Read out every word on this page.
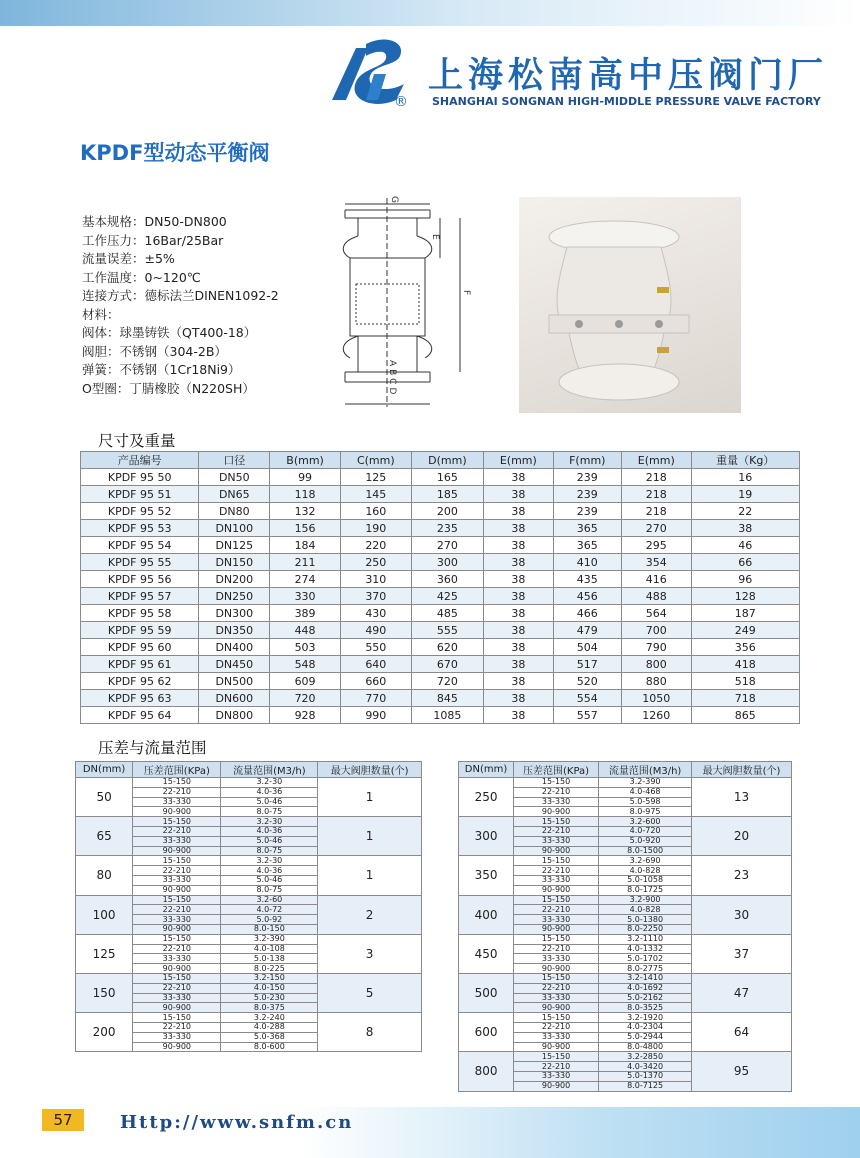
®
上海松南高中压阀门厂
SHANGHAI SONGNAN HIGH-MIDDLE PRESSURE VALVE FACTORY
KPDF型动态平衡阀
基本规格：DN50-DN800
工作压力：16Bar/25Bar
流量误差：±5%
工作温度：0~120℃
连接方式：德标法兰DINEN1092-2
材料：
阀体：球墨铸铁（QT400-18）
阀胆：不锈钢（304-2B）
弹簧：不锈钢（1Cr18Ni9）
O型圈：丁腈橡胶（N220SH）
E
F
G
ABCD
尺寸及重量
产品编号	口径	B(mm)	C(mm)	D(mm)	E(mm)	F(mm)	E(mm)	重量（Kg）
KPDF 95 50	DN50	99	125	165	38	239	218	16
KPDF 95 51	DN65	118	145	185	38	239	218	19
KPDF 95 52	DN80	132	160	200	38	239	218	22
KPDF 95 53	DN100	156	190	235	38	365	270	38
KPDF 95 54	DN125	184	220	270	38	365	295	46
KPDF 95 55	DN150	211	250	300	38	410	354	66
KPDF 95 56	DN200	274	310	360	38	435	416	96
KPDF 95 57	DN250	330	370	425	38	456	488	128
KPDF 95 58	DN300	389	430	485	38	466	564	187
KPDF 95 59	DN350	448	490	555	38	479	700	249
KPDF 95 60	DN400	503	550	620	38	504	790	356
KPDF 95 61	DN450	548	640	670	38	517	800	418
KPDF 95 62	DN500	609	660	720	38	520	880	518
KPDF 95 63	DN600	720	770	845	38	554	1050	718
KPDF 95 64	DN800	928	990	1085	38	557	1260	865
压差与流量范围
DN(mm)	压差范围(KPa)	流量范围(M3/h)	最大阀胆数量(个)
50	15-150	3.2-30	1
	22-210	4.0-36	
	33-330	5.0-46	
	90-900	8.0-75	
65	15-150	3.2-30	1
	22-210	4.0-36	
	33-330	5.0-46	
	90-900	8.0-75	
80	15-150	3.2-30	1
	22-210	4.0-36	
	33-330	5.0-46	
	90-900	8.0-75	
100	15-150	3.2-60	2
	22-210	4.0-72	
	33-330	5.0-92	
	90-900	8.0-150	
125	15-150	3.2-390	3
	22-210	4.0-108	
	33-330	5.0-138	
	90-900	8.0-225	
150	15-150	3.2-150	5
	22-210	4.0-150	
	33-330	5.0-230	
	90-900	8.0-375	
200	15-150	3.2-240	8
	22-210	4.0-288	
	33-330	5.0-368	
	90-900	8.0-600	
DN(mm)	压差范围(KPa)	流量范围(M3/h)	最大阀胆数量(个)
250	15-150	3.2-390	13
	22-210	4.0-468	
	33-330	5.0-598	
	90-900	8.0-975	
300	15-150	3.2-600	20
	22-210	4.0-720	
	33-330	5.0-920	
	90-900	8.0-1500	
350	15-150	3.2-690	23
	22-210	4.0-828	
	33-330	5.0-1058	
	90-900	8.0-1725	
400	15-150	3.2-900	30
	22-210	4.0-828	
	33-330	5.0-1380	
	90-900	8.0-2250	
450	15-150	3.2-1110	37
	22-210	4.0-1332	
	33-330	5.0-1702	
	90-900	8.0-2775	
500	15-150	3.2-1410	47
	22-210	4.0-1692	
	33-330	5.0-2162	
	90-900	8.0-3525	
600	15-150	3.2-1920	64
	22-210	4.0-2304	
	33-330	5.0-2944	
	90-900	8.0-4800	
800	15-150	3.2-2850	95
	22-210	4.0-3420	
	33-330	5.0-1370	
	90-900	8.0-7125	
57	Http://www.snfm.cn
